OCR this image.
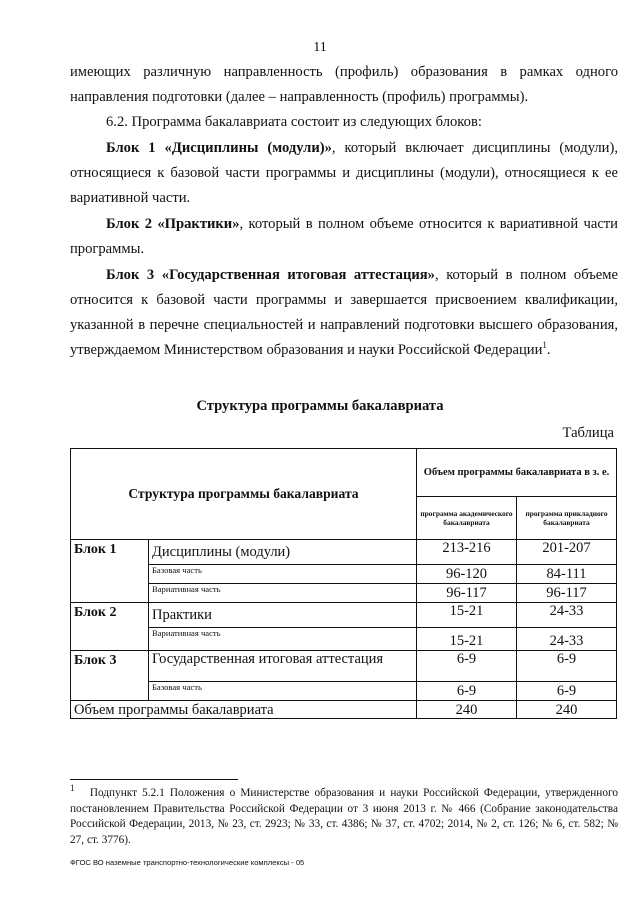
11

имеющих различную направленность (профиль) образования в рамках одного направления подготовки (далее – направленность (профиль) программы).

6.2. Программа бакалавриата состоит из следующих блоков:

Блок 1 «Дисциплины (модули)», который включает дисциплины (модули), относящиеся к базовой части программы и дисциплины (модули), относящиеся к ее вариативной части.

Блок 2 «Практики», который в полном объеме относится к вариативной части программы.

Блок 3 «Государственная итоговая аттестация», который в полном объеме относится к базовой части программы и завершается присвоением квалификации, указанной в перечне специальностей и направлений подготовки высшего образования, утверждаемом Министерством образования и науки Российской Федерации$^1$.

Структура программы бакалавриата
Таблица
Структура программы бакалавриата		Объем программы бакалавриата в з. е.	
		программа академического бакалавриата	программа прикладного бакалавриата
Блок 1	Дисциплины (модули)	213-216	201-207
	Базовая часть	96-120	84-111
	Вариативная часть	96-117	96-117
Блок 2	Практики	15-21	24-33
	Вариативная часть	15-21	24-33
Блок 3	Государственная итоговая аттестация	6-9	6-9
	Базовая часть	6-9	6-9
Объем программы бакалавриата		240	240

$^1$ Подпункт 5.2.1 Положения о Министерстве образования и науки Российской Федерации, утвержденного постановлением Правительства Российской Федерации от 3 июня 2013 г. № 466 (Собрание законодательства Российской Федерации, 2013, № 23, ст. 2923; № 33, ст. 4386; № 37, ст. 4702; 2014, № 2, ст. 126; № 6, ст. 582; № 27, ст. 3776).

ФГОС ВО наземные транспортно-технологические комплексы - 05
